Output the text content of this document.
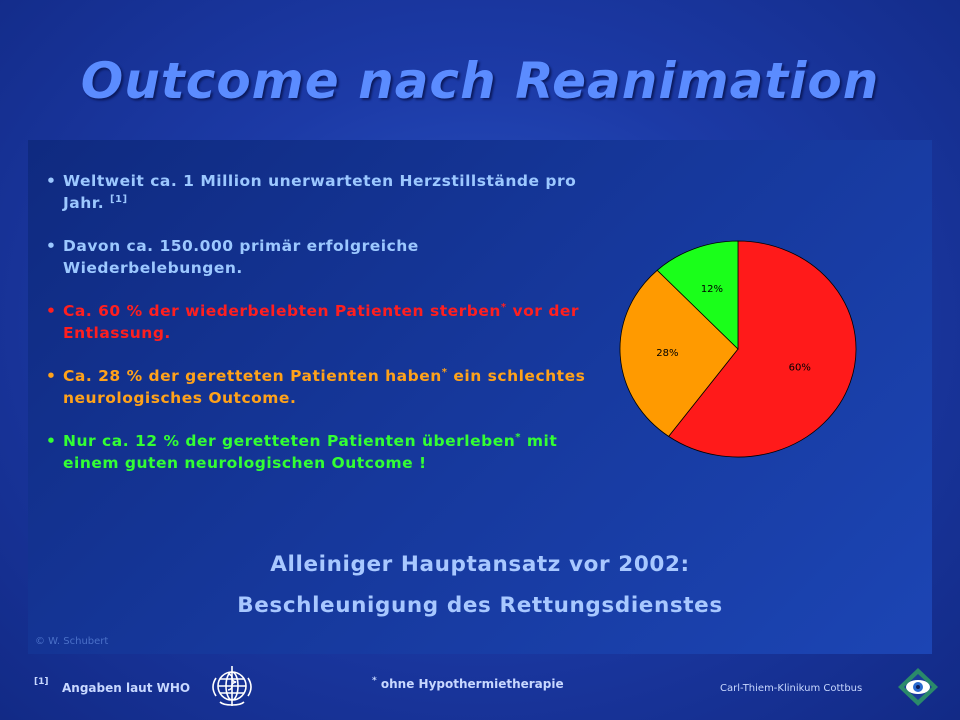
Outcome nach Reanimation
• Weltweit ca. 1 Million unerwarteten Herzstillstände pro Jahr. [1]
• Davon ca. 150.000 primär erfolgreiche Wiederbelebungen.
• Ca. 60 % der wiederbelebten Patienten sterben* vor der Entlassung.
• Ca. 28 % der geretteten Patienten haben* ein schlechtes neurologisches Outcome.
• Nur ca. 12 % der geretteten Patienten überleben* mit einem guten neurologischen Outcome !
60%
28%
12%
Alleiniger Hauptansatz vor 2002:
Beschleunigung des Rettungsdienstes
© W. Schubert
[1] Angaben laut WHO	* ohne Hypothermietherapie	Carl-Thiem-Klinikum Cottbus
